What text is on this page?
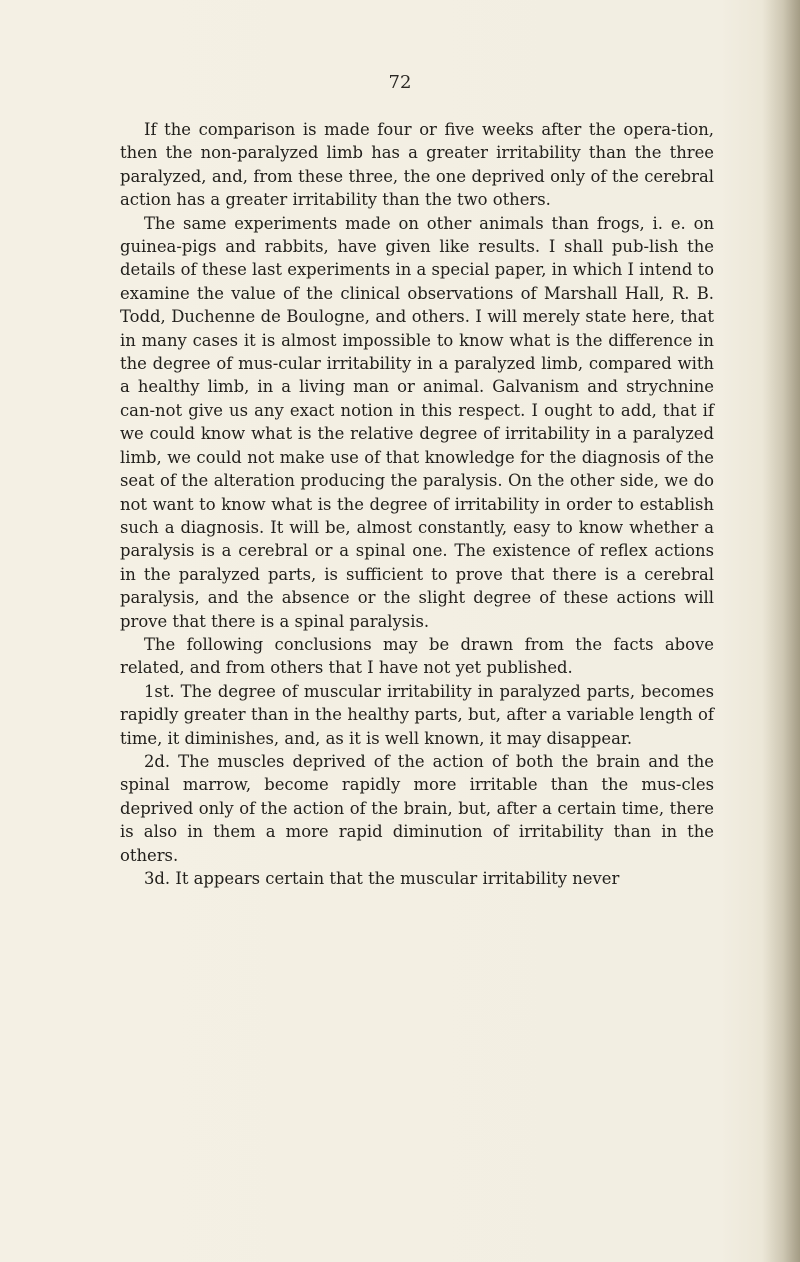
72

If the comparison is made four or five weeks after the opera-tion, then the non-paralyzed limb has a greater irritability than the three paralyzed, and, from these three, the one deprived only of the cerebral action has a greater irritability than the two others.

The same experiments made on other animals than frogs, i. e. on guinea-pigs and rabbits, have given like results. I shall pub-lish the details of these last experiments in a special paper, in which I intend to examine the value of the clinical observations of Marshall Hall, R. B. Todd, Duchenne de Boulogne, and others. I will merely state here, that in many cases it is almost impossible to know what is the difference in the degree of mus-cular irritability in a paralyzed limb, compared with a healthy limb, in a living man or animal. Galvanism and strychnine can-not give us any exact notion in this respect. I ought to add, that if we could know what is the relative degree of irritability in a paralyzed limb, we could not make use of that knowledge for the diagnosis of the seat of the alteration producing the paralysis. On the other side, we do not want to know what is the degree of irritability in order to establish such a diagnosis. It will be, almost constantly, easy to know whether a paralysis is a cerebral or a spinal one. The existence of reflex actions in the paralyzed parts, is sufficient to prove that there is a cerebral paralysis, and the absence or the slight degree of these actions will prove that there is a spinal paralysis.

The following conclusions may be drawn from the facts above related, and from others that I have not yet published.

1st. The degree of muscular irritability in paralyzed parts, becomes rapidly greater than in the healthy parts, but, after a variable length of time, it diminishes, and, as it is well known, it may disappear.

2d. The muscles deprived of the action of both the brain and the spinal marrow, become rapidly more irritable than the mus-cles deprived only of the action of the brain, but, after a certain time, there is also in them a more rapid diminution of irritability than in the others.

3d. It appears certain that the muscular irritability never
